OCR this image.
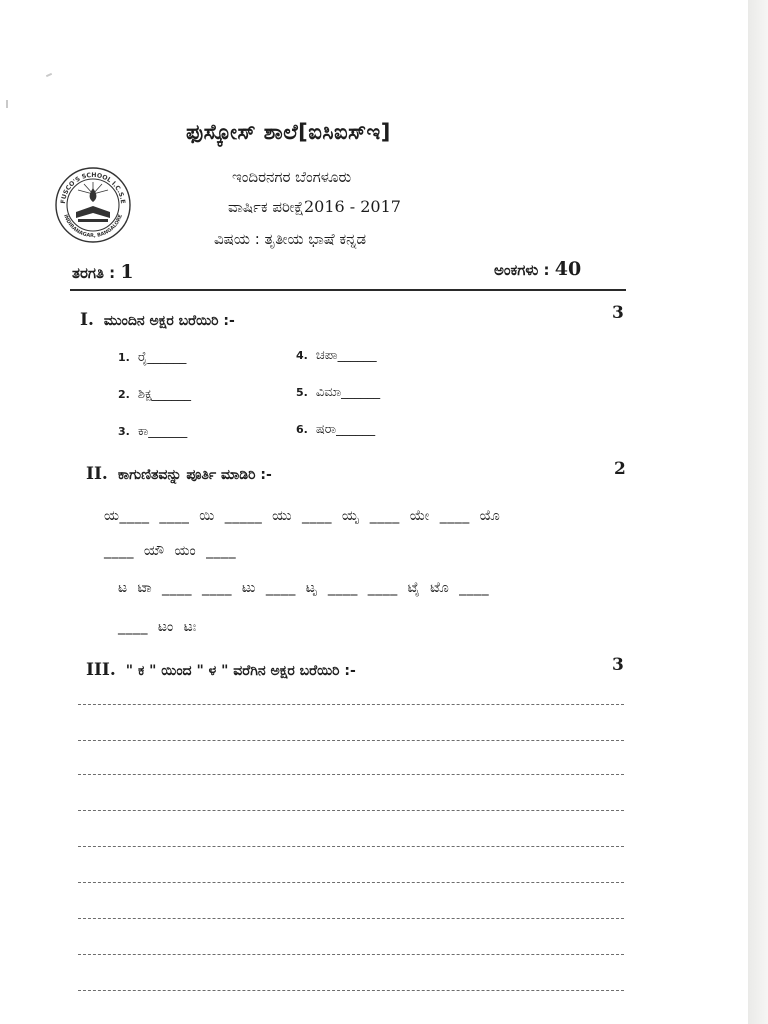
ಫುಸ್ಕೋಸ್ ಶಾಲೆ[ಐಸಿಐಸ್ಇ]
FUSCO'S SCHOOL I.C.S.E
INDIRANAGAR, BANGALORE
ಇಂದಿರನಗರ ಬೆಂಗಳೂರು
ವಾರ್ಷಿಕ ಪರೀಕ್ಷೆ2016 - 2017
ವಿಷಯ : ತೃತೀಯ ಭಾಷೆ ಕನ್ನಡ
ತರಗತಿ : 1	ಅಂಕಗಳು : 40
I. ಮುಂದಿನ ಅಕ್ಷರ ಬರೆಯಿರಿ :-	3
1. ರೈ______
2. ಶಿಕ್ಷ______
3. ಕಾ______
4. ಚಪಾ______
5. ವಿಮಾ______
6. ಷರಾ______
II. ಕಾಗುಣಿತವನ್ನು ಪೂರ್ತಿ ಮಾಡಿರಿ :-	2
ಯ____  ____  ಯಿ  _____  ಯು  ____  ಯೃ  ____  ಯೇ  ____  ಯೊ
____  ಯೌ  ಯಂ  ____
ಟ  ಟಾ  ____  ____  ಟು  ____  ಟೃ  ____  ____  ಟೈ  ಟೊ  ____
____  ಟಂ  ಟಃ
III. " ಕ " ಯಿಂದ " ಳ " ವರೆಗಿನ ಅಕ್ಷರ ಬರೆಯಿರಿ :-	3
